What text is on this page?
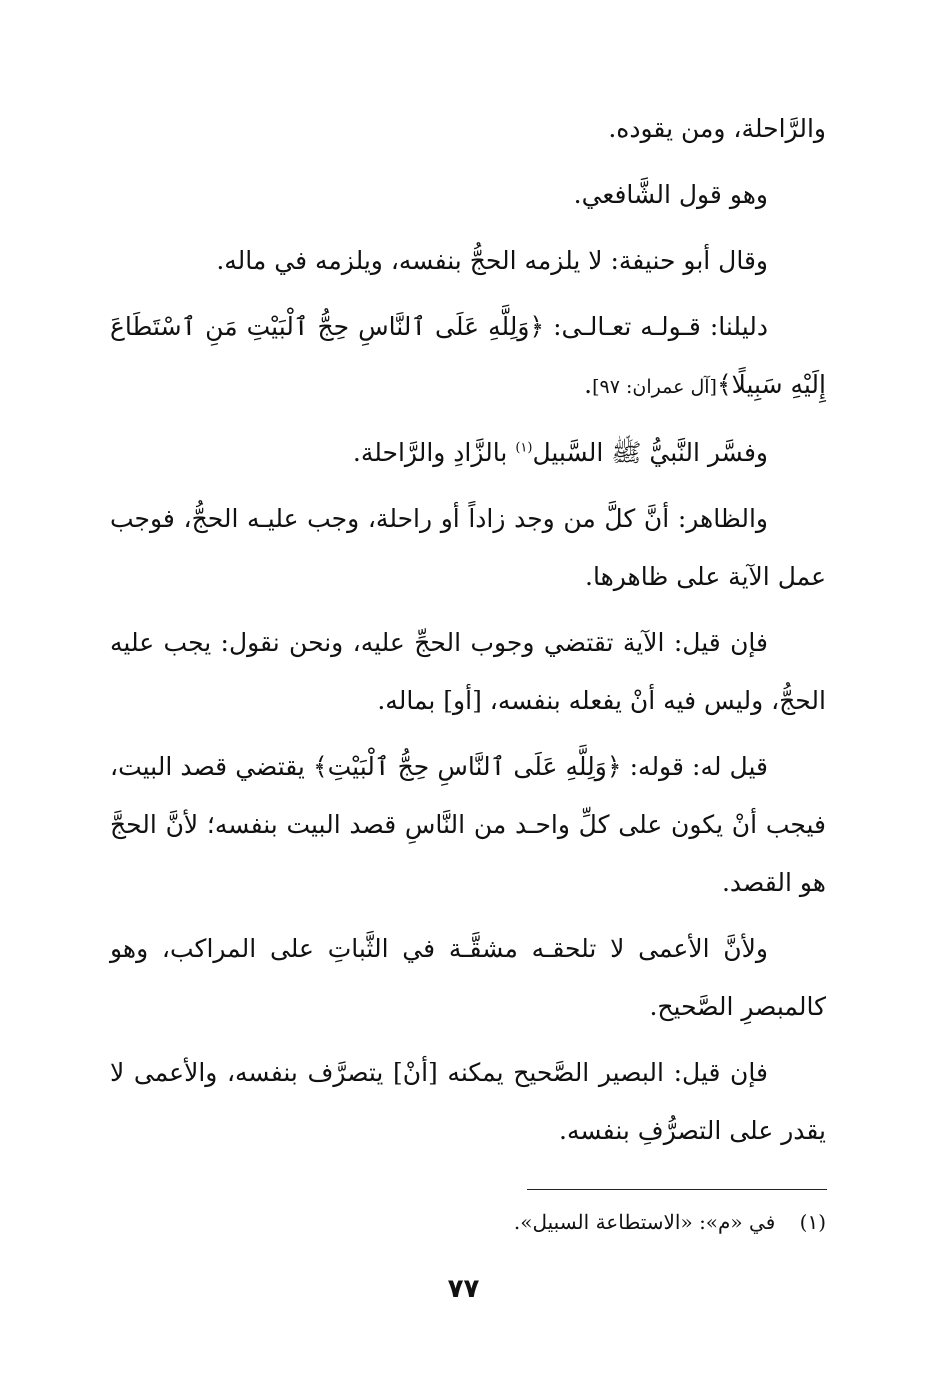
والرَّاحلة، ومن يقوده.

وهو قول الشَّافعي.

وقال أبو حنيفة: لا يلزمه الحجُّ بنفسه، ويلزمه في ماله.

دليلنا: قـولـه تعـالـى: ﴿وَلِلَّهِ عَلَى ٱلنَّاسِ حِجُّ ٱلْبَيْتِ مَنِ ٱسْتَطَاعَ إِلَيْهِ سَبِيلًا﴾[آل عمران: ٩٧].

وفسَّر النَّبيُّ ﷺ السَّبيل$^{(١)}$ بالزَّادِ والرَّاحلة.

والظاهر: أنَّ كلَّ من وجد زاداً أو راحلة، وجب عليـه الحجُّ، فوجب عمل الآية على ظاهرها.

فإن قيل: الآية تقتضي وجوب الحجِّ عليه، ونحن نقول: يجب عليه الحجُّ، وليس فيه أنْ يفعله بنفسه، [أو] بماله.

قيل له: قوله: ﴿وَلِلَّهِ عَلَى ٱلنَّاسِ حِجُّ ٱلْبَيْتِ﴾ يقتضي قصد البيت، فيجب أنْ يكون على كلِّ واحـد من النَّاسِ قصد البيت بنفسه؛ لأنَّ الحجَّ هو القصد.

ولأنَّ الأعمى لا تلحقـه مشقَّـة في الثَّباتِ على المراكب، وهو كالمبصرِ الصَّحيح.

فإن قيل: البصير الصَّحيح يمكنه [أنْ] يتصرَّف بنفسه، والأعمى لا يقدر على التصرُّفِ بنفسه.

(١) في «م»: «الاستطاعة السبيل».
٧٧
